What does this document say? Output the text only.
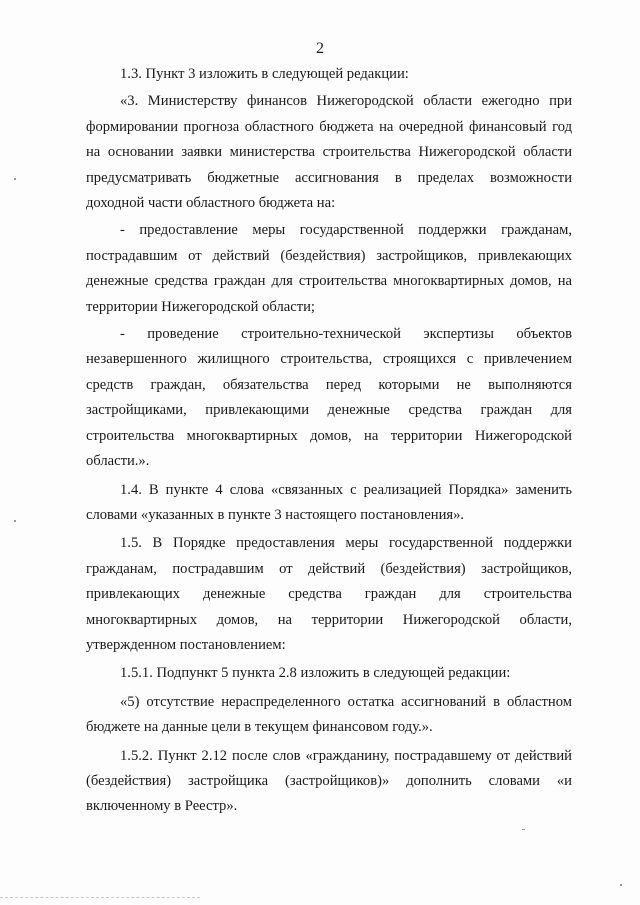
2

1.3. Пункт 3 изложить в следующей редакции:

«3. Министерству финансов Нижегородской области ежегодно при формировании прогноза областного бюджета на очередной финансовый год на основании заявки министерства строительства Нижегородской области предусматривать бюджетные ассигнования в пределах возможности доходной части областного бюджета на:

- предоставление меры государственной поддержки гражданам, пострадавшим от действий (бездействия) застройщиков, привлекающих денежные средства граждан для строительства многоквартирных домов, на территории Нижегородской области;

- проведение строительно-технической экспертизы объектов незавершенного жилищного строительства, строящихся с привлечением средств граждан, обязательства перед которыми не выполняются застройщиками, привлекающими денежные средства граждан для строительства многоквартирных домов, на территории Нижегородской области.».

1.4. В пункте 4 слова «связанных с реализацией Порядка» заменить словами «указанных в пункте 3 настоящего постановления».

1.5. В Порядке предоставления меры государственной поддержки гражданам, пострадавшим от действий (бездействия) застройщиков, привлекающих денежные средства граждан для строительства многоквартирных домов, на территории Нижегородской области, утвержденном постановлением:

1.5.1. Подпункт 5 пункта 2.8 изложить в следующей редакции:

«5) отсутствие нераспределенного остатка ассигнований в областном бюджете на данные цели в текущем финансовом году.».

1.5.2. Пункт 2.12 после слов «гражданину, пострадавшему от действий (бездействия) застройщика (застройщиков)» дополнить словами «и включенному в Реестр».
